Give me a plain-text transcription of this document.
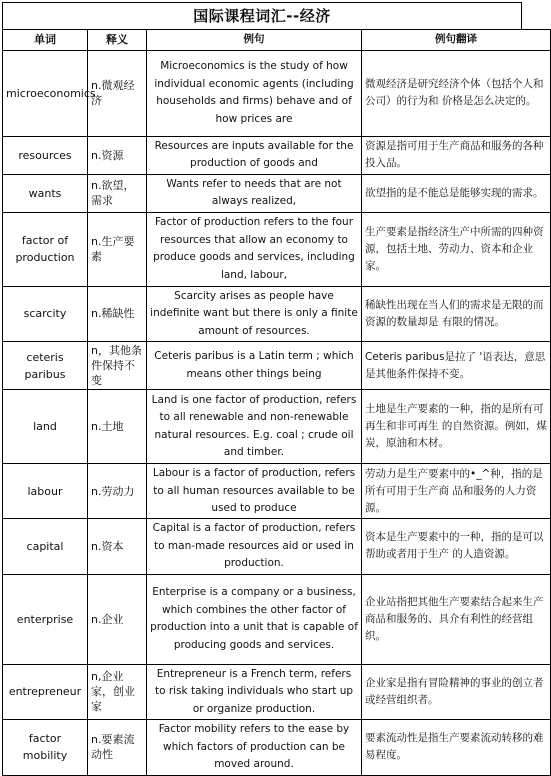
国际课程词汇--经济
单词	释义	例句	例句翻译
microeconomics	n.微观经济	Microeconomics is the study of how individual economic agents (including households and firms) behave and of how prices are	微观经济是研究经济个体（包括个人和公司）的行为和 价格是怎么决定的。
resources	n.资源	Resources are inputs available for the production of goods and	资源是指可用于生产商品和服务的各种投入品。
wants	n.欲望，需求	Wants refer to needs that are not always realized,	欲望指的是不能总是能够实现的需求。
factor of production	n.生产要素	Factor of production refers to the four resources that allow an economy to produce goods and services, including land, labour,	生产要素是指经济生产中所需的四种资源，包括土地、劳动力、资本和企业家。
scarcity	n.稀缺性	Scarcity arises as people have indefinite want but there is only a finite amount of resources.	稀缺性出现在当人们的需求是无限的而资源的数量却是 有限的情况。
ceteris paribus	n，其他条件保持不变	Ceteris paribus is a Latin term ; which means other things being	Ceteris paribus是拉了 '语表达，意思是其他条件保持不变。
land	n.土地	Land is one factor of production, refers to all renewable and non-renewable natural resources. E.g. coal ; crude oil and timber.	土地是生产要素的一种，指的是所有可再生和非可再生 的自然资源。例如，煤炭，原油和木材。
labour	n.劳动力	Labour is a factor of production, refers to all human resources available to be used to produce	劳动力是生产要素中的•_^种，指的是所有可用于生产商 品和服务的人力资源。
capital	n.资本	Capital is a factor of production, refers to man-made resources aid or used in production.	资本是生产要素中的一种，指的是可以帮助或者用于生产 的人造资源。
enterprise	n.企业	Enterprise is a company or a business, which combines the other factor of production into a unit that is capable of producing goods and services.	企业站指把其他生产要素结合起来生产商品和服务的、具介有利性的经营组织。
entrepreneur	n,企业家，创业家	Entrepreneur is a French term, refers to risk taking individuals who start up or organize production.	企业家是指有冒险精神的事业的创立者或经营组织者。
factor mobility	n.要素流动性	Factor mobility refers to the ease by which factors of production can be moved around.	要素流动性是指生产要素流动转移的难易程度。
